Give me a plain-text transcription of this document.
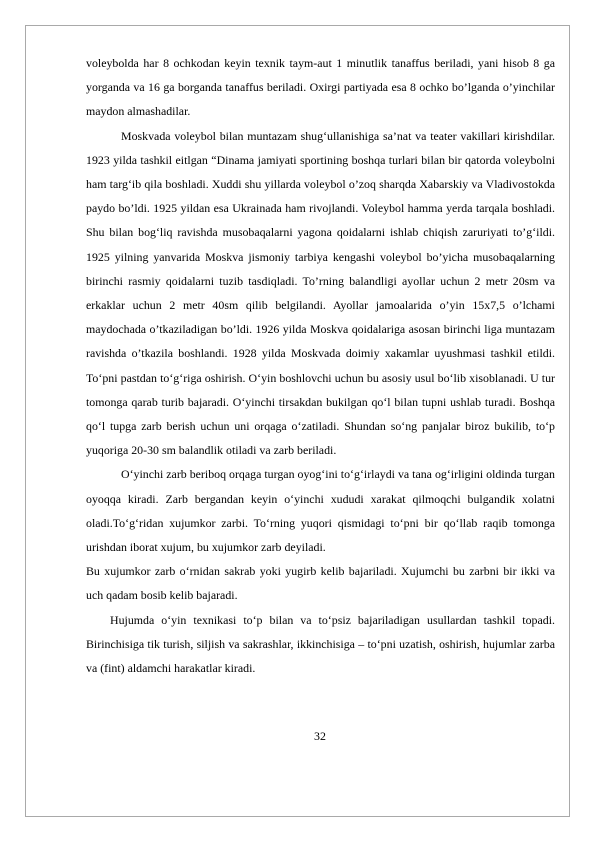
voleybolda har 8 ochkodan keyin texnik taym-aut 1 minutlik tanaffus beriladi, yani hisob 8 ga yorganda va 16 ga borganda tanaffus beriladi. Oxirgi partiyada esa 8 ochko bo’lganda o’yinchilar maydon almashadilar.

Moskvada voleybol bilan muntazam shug‘ullanishiga sa’nat va teater vakillari kirishdilar. 1923 yilda tashkil eitlgan “Dinama jamiyati sportining boshqa turlari bilan bir qatorda voleybolni ham targ‘ib qila boshladi. Xuddi shu yillarda voleybol o’zoq sharqda Xabarskiy va Vladivostokda paydo bo’ldi. 1925 yildan esa Ukrainada ham rivojlandi. Voleybol hamma yerda tarqala boshladi. Shu bilan bog‘liq ravishda musobaqalarni yagona qoidalarni ishlab chiqish zaruriyati to’g‘ildi. 1925 yilning yanvarida Moskva jismoniy tarbiya kengashi voleybol bo’yicha musobaqalarning birinchi rasmiy qoidalarni tuzib tasdiqladi. To’rning balandligi ayollar uchun 2 metr 20sm va erkaklar uchun 2 metr 40sm qilib belgilandi. Ayollar jamoalarida o’yin 15x7,5 o’lchami maydochada o’tkaziladigan bo’ldi. 1926 yilda Moskva qoidalariga asosan birinchi liga muntazam ravishda o’tkazila boshlandi. 1928 yilda Moskvada doimiy xakamlar uyushmasi tashkil etildi. To‘pni pastdan to‘g‘riga oshirish. O‘yin boshlovchi uchun bu asosiy usul bo‘lib xisoblanadi. U tur tomonga qarab turib bajaradi. O‘yinchi tirsakdan bukilgan qo‘l bilan tupni ushlab turadi. Boshqa qo‘l tupga zarb berish uchun uni orqaga o‘zatiladi. Shundan so‘ng panjalar biroz bukilib, to‘p yuqoriga 20-30 sm balandlik otiladi va zarb beriladi.

O‘yinchi zarb beriboq orqaga turgan oyog‘ini to‘g‘irlaydi va tana og‘irligini oldinda turgan oyoqqa kiradi. Zarb bergandan keyin o‘yinchi xududi xarakat qilmoqchi bulgandik xolatni oladi.To‘g‘ridan xujumkor zarbi. To‘rning yuqori qismidagi to‘pni bir qo‘llab raqib tomonga urishdan iborat xujum, bu xujumkor zarb deyiladi.

Bu xujumkor zarb o‘rnidan sakrab yoki yugirb kelib bajariladi. Xujumchi bu zarbni bir ikki va uch qadam bosib kelib bajaradi.

Hujumda o‘yin texnikasi to‘p bilan va to‘psiz bajariladigan usullardan tashkil topadi. Birinchisiga tik turish, siljish va sakrashlar, ikkinchisiga – to‘pni uzatish, oshirish, hujumlar zarba va (fint) aldamchi harakatlar kiradi.

32
